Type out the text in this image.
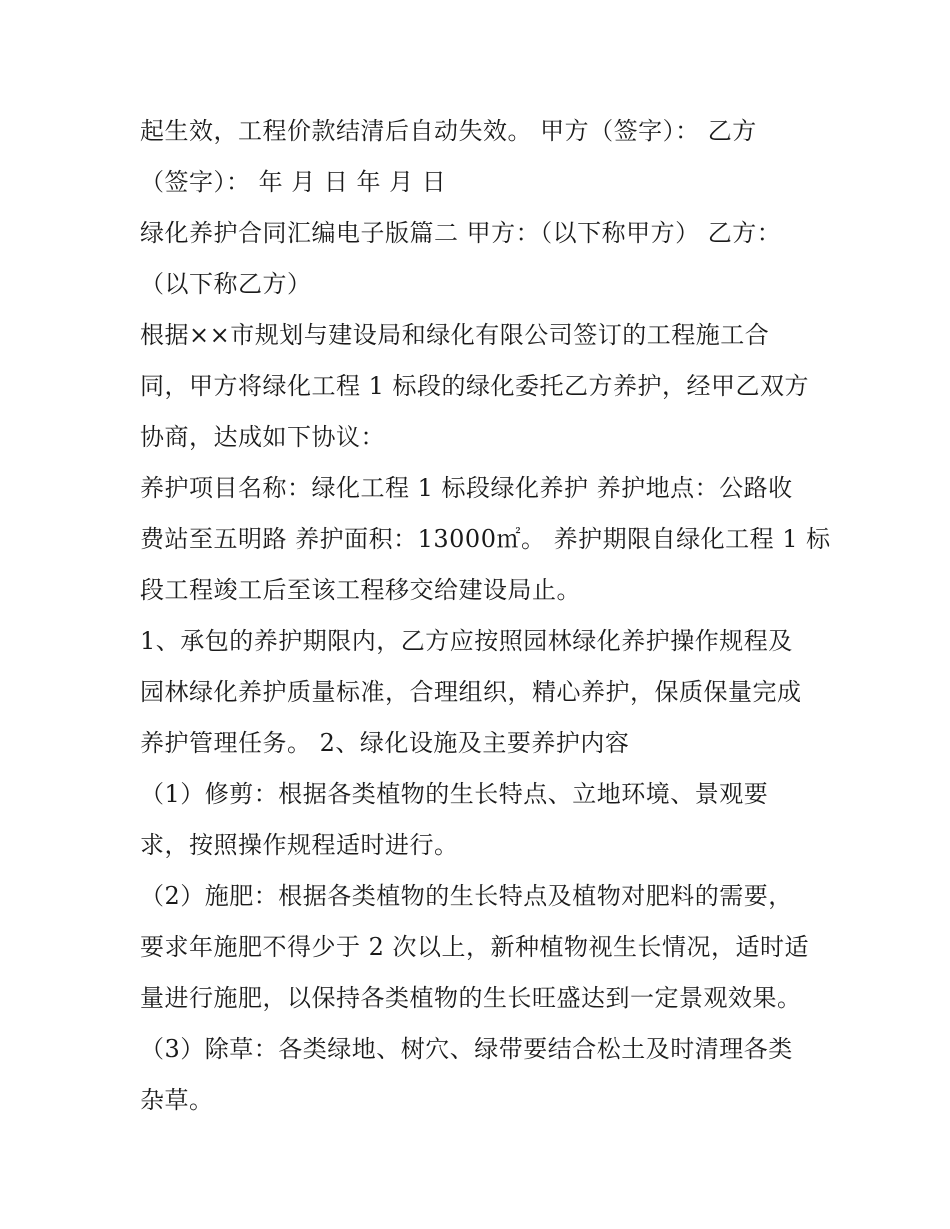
起生效，工程价款结清后自动失效。 甲方（签字）： 乙方

（签字）： 年 月 日 年 月 日

绿化养护合同汇编电子版篇二 甲方：（以下称甲方） 乙方：

（以下称乙方）

根据××市规划与建设局和绿化有限公司签订的工程施工合

同，甲方将绿化工程 1 标段的绿化委托乙方养护，经甲乙双方

协商，达成如下协议：

养护项目名称：绿化工程 1 标段绿化养护 养护地点：公路收

费站至五明路 养护面积：13000㎡。 养护期限自绿化工程 1 标

段工程竣工后至该工程移交给建设局止。

1、承包的养护期限内，乙方应按照园林绿化养护操作规程及

园林绿化养护质量标准，合理组织，精心养护，保质保量完成

养护管理任务。 2、绿化设施及主要养护内容

（1）修剪：根据各类植物的生长特点、立地环境、景观要

求，按照操作规程适时进行。

（2）施肥：根据各类植物的生长特点及植物对肥料的需要，

要求年施肥不得少于 2 次以上，新种植物视生长情况，适时适

量进行施肥，以保持各类植物的生长旺盛达到一定景观效果。

（3）除草：各类绿地、树穴、绿带要结合松土及时清理各类

杂草。
